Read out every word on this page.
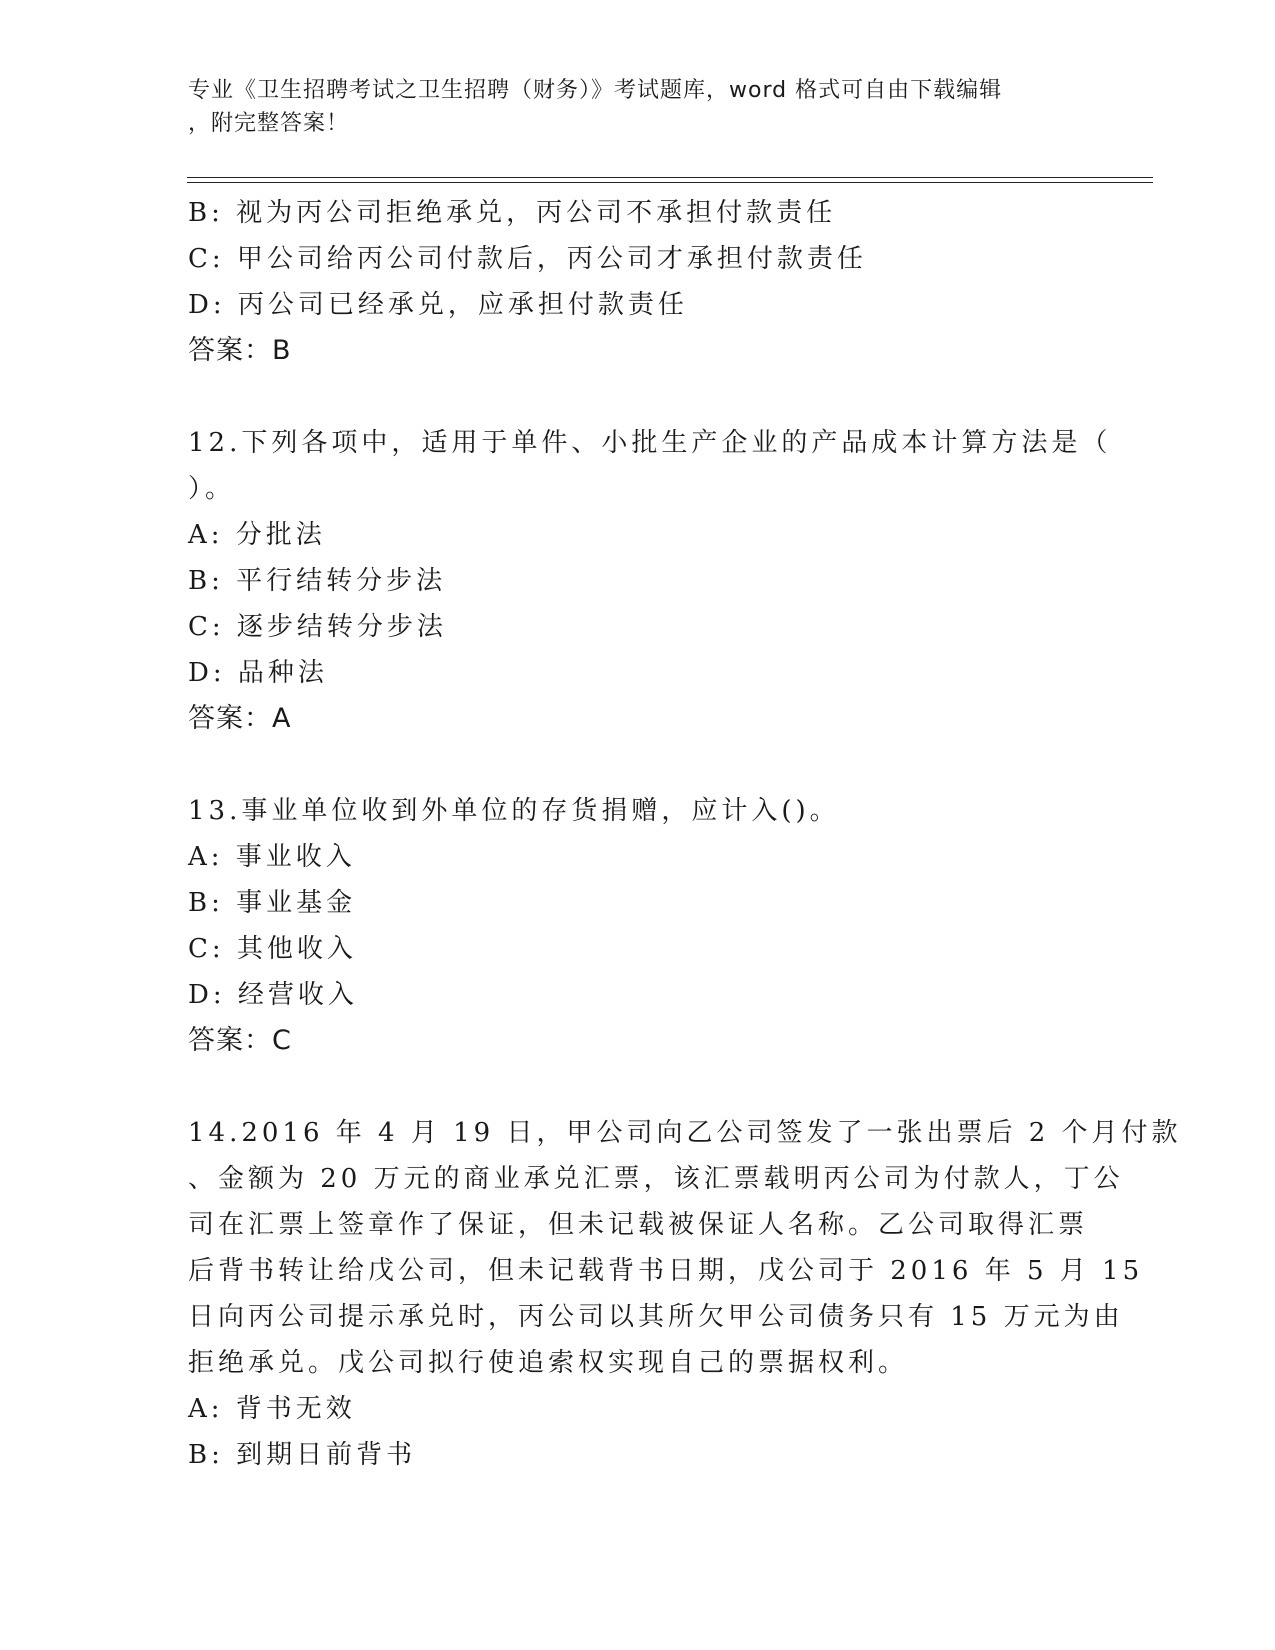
专业《卫生招聘考试之卫生招聘（财务）》考试题库，word 格式可自由下载编辑
，附完整答案！
B: 视为丙公司拒绝承兑，丙公司不承担付款责任
C: 甲公司给丙公司付款后，丙公司才承担付款责任
D: 丙公司已经承兑，应承担付款责任
答案：B
12.下列各项中，适用于单件、小批生产企业的产品成本计算方法是（
）。
A: 分批法
B: 平行结转分步法
C: 逐步结转分步法
D: 品种法
答案：A
13.事业单位收到外单位的存货捐赠，应计入()。
A: 事业收入
B: 事业基金
C: 其他收入
D: 经营收入
答案：C
14.2016 年 4 月 19 日，甲公司向乙公司签发了一张出票后 2 个月付款
、金额为 20 万元的商业承兑汇票，该汇票载明丙公司为付款人，丁公
司在汇票上签章作了保证，但未记载被保证人名称。乙公司取得汇票
后背书转让给戊公司，但未记载背书日期，戊公司于 2016 年 5 月 15
日向丙公司提示承兑时，丙公司以其所欠甲公司债务只有 15 万元为由
拒绝承兑。戊公司拟行使追索权实现自己的票据权利。
A: 背书无效
B: 到期日前背书
